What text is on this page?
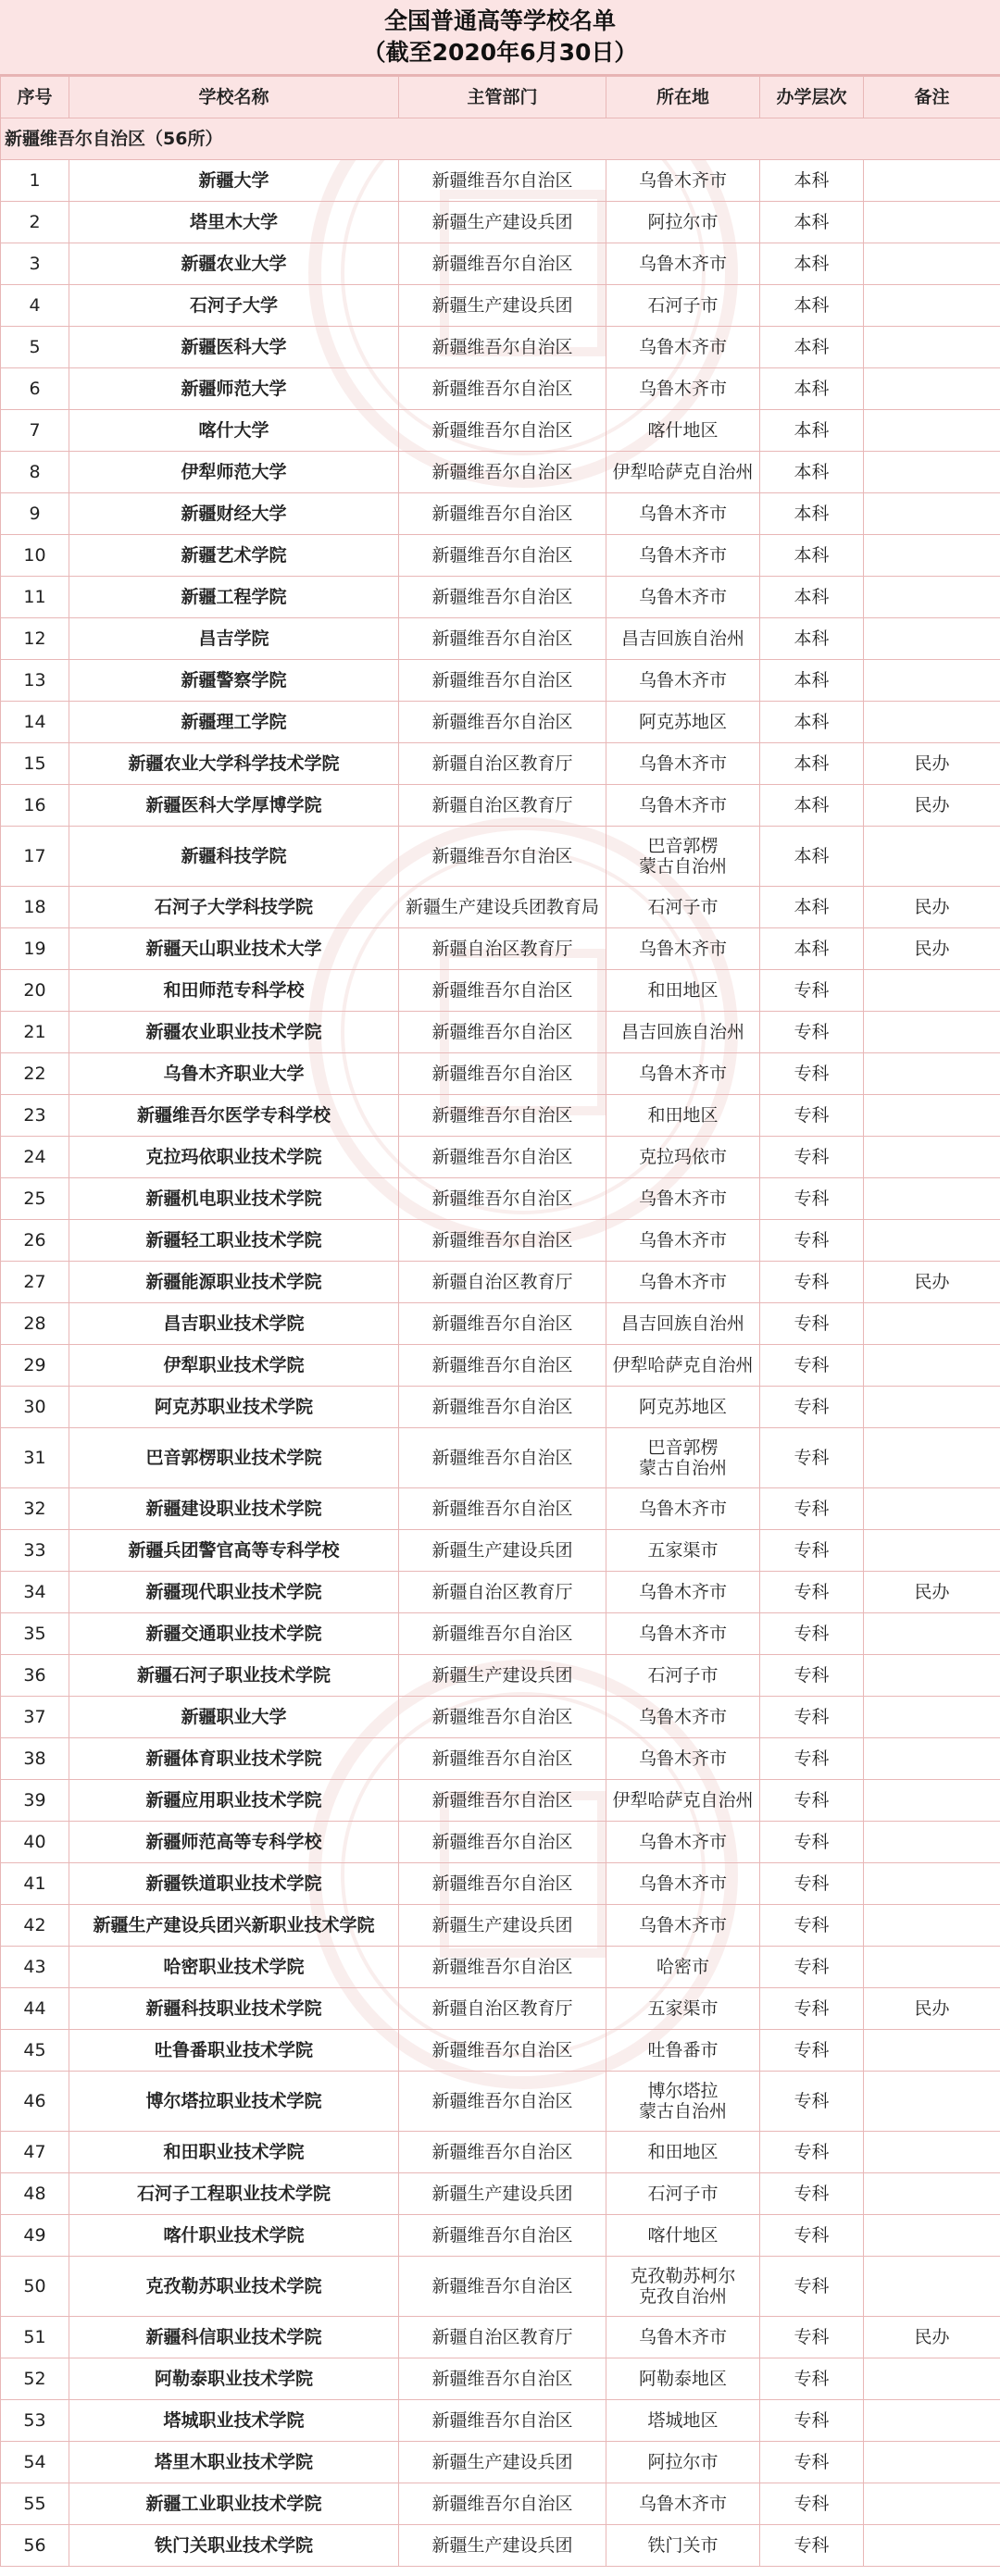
全国普通高等学校名单
（截至2020年6月30日）
序号	学校名称	主管部门	所在地	办学层次	备注
新疆维吾尔自治区（56所）					
1	新疆大学	新疆维吾尔自治区	乌鲁木齐市	本科	
2	塔里木大学	新疆生产建设兵团	阿拉尔市	本科	
3	新疆农业大学	新疆维吾尔自治区	乌鲁木齐市	本科	
4	石河子大学	新疆生产建设兵团	石河子市	本科	
5	新疆医科大学	新疆维吾尔自治区	乌鲁木齐市	本科	
6	新疆师范大学	新疆维吾尔自治区	乌鲁木齐市	本科	
7	喀什大学	新疆维吾尔自治区	喀什地区	本科	
8	伊犁师范大学	新疆维吾尔自治区	伊犁哈萨克自治州	本科	
9	新疆财经大学	新疆维吾尔自治区	乌鲁木齐市	本科	
10	新疆艺术学院	新疆维吾尔自治区	乌鲁木齐市	本科	
11	新疆工程学院	新疆维吾尔自治区	乌鲁木齐市	本科	
12	昌吉学院	新疆维吾尔自治区	昌吉回族自治州	本科	
13	新疆警察学院	新疆维吾尔自治区	乌鲁木齐市	本科	
14	新疆理工学院	新疆维吾尔自治区	阿克苏地区	本科	
15	新疆农业大学科学技术学院	新疆自治区教育厅	乌鲁木齐市	本科	民办
16	新疆医科大学厚博学院	新疆自治区教育厅	乌鲁木齐市	本科	民办
17	新疆科技学院	新疆维吾尔自治区	巴音郭楞
蒙古自治州	本科	
18	石河子大学科技学院	新疆生产建设兵团教育局	石河子市	本科	民办
19	新疆天山职业技术大学	新疆自治区教育厅	乌鲁木齐市	本科	民办
20	和田师范专科学校	新疆维吾尔自治区	和田地区	专科	
21	新疆农业职业技术学院	新疆维吾尔自治区	昌吉回族自治州	专科	
22	乌鲁木齐职业大学	新疆维吾尔自治区	乌鲁木齐市	专科	
23	新疆维吾尔医学专科学校	新疆维吾尔自治区	和田地区	专科	
24	克拉玛依职业技术学院	新疆维吾尔自治区	克拉玛依市	专科	
25	新疆机电职业技术学院	新疆维吾尔自治区	乌鲁木齐市	专科	
26	新疆轻工职业技术学院	新疆维吾尔自治区	乌鲁木齐市	专科	
27	新疆能源职业技术学院	新疆自治区教育厅	乌鲁木齐市	专科	民办
28	昌吉职业技术学院	新疆维吾尔自治区	昌吉回族自治州	专科	
29	伊犁职业技术学院	新疆维吾尔自治区	伊犁哈萨克自治州	专科	
30	阿克苏职业技术学院	新疆维吾尔自治区	阿克苏地区	专科	
31	巴音郭楞职业技术学院	新疆维吾尔自治区	巴音郭楞
蒙古自治州	专科	
32	新疆建设职业技术学院	新疆维吾尔自治区	乌鲁木齐市	专科	
33	新疆兵团警官高等专科学校	新疆生产建设兵团	五家渠市	专科	
34	新疆现代职业技术学院	新疆自治区教育厅	乌鲁木齐市	专科	民办
35	新疆交通职业技术学院	新疆维吾尔自治区	乌鲁木齐市	专科	
36	新疆石河子职业技术学院	新疆生产建设兵团	石河子市	专科	
37	新疆职业大学	新疆维吾尔自治区	乌鲁木齐市	专科	
38	新疆体育职业技术学院	新疆维吾尔自治区	乌鲁木齐市	专科	
39	新疆应用职业技术学院	新疆维吾尔自治区	伊犁哈萨克自治州	专科	
40	新疆师范高等专科学校	新疆维吾尔自治区	乌鲁木齐市	专科	
41	新疆铁道职业技术学院	新疆维吾尔自治区	乌鲁木齐市	专科	
42	新疆生产建设兵团兴新职业技术学院	新疆生产建设兵团	乌鲁木齐市	专科	
43	哈密职业技术学院	新疆维吾尔自治区	哈密市	专科	
44	新疆科技职业技术学院	新疆自治区教育厅	五家渠市	专科	民办
45	吐鲁番职业技术学院	新疆维吾尔自治区	吐鲁番市	专科	
46	博尔塔拉职业技术学院	新疆维吾尔自治区	博尔塔拉
蒙古自治州	专科	
47	和田职业技术学院	新疆维吾尔自治区	和田地区	专科	
48	石河子工程职业技术学院	新疆生产建设兵团	石河子市	专科	
49	喀什职业技术学院	新疆维吾尔自治区	喀什地区	专科	
50	克孜勒苏职业技术学院	新疆维吾尔自治区	克孜勒苏柯尔
克孜自治州	专科	
51	新疆科信职业技术学院	新疆自治区教育厅	乌鲁木齐市	专科	民办
52	阿勒泰职业技术学院	新疆维吾尔自治区	阿勒泰地区	专科	
53	塔城职业技术学院	新疆维吾尔自治区	塔城地区	专科	
54	塔里木职业技术学院	新疆生产建设兵团	阿拉尔市	专科	
55	新疆工业职业技术学院	新疆维吾尔自治区	乌鲁木齐市	专科	
56	铁门关职业技术学院	新疆生产建设兵团	铁门关市	专科	
